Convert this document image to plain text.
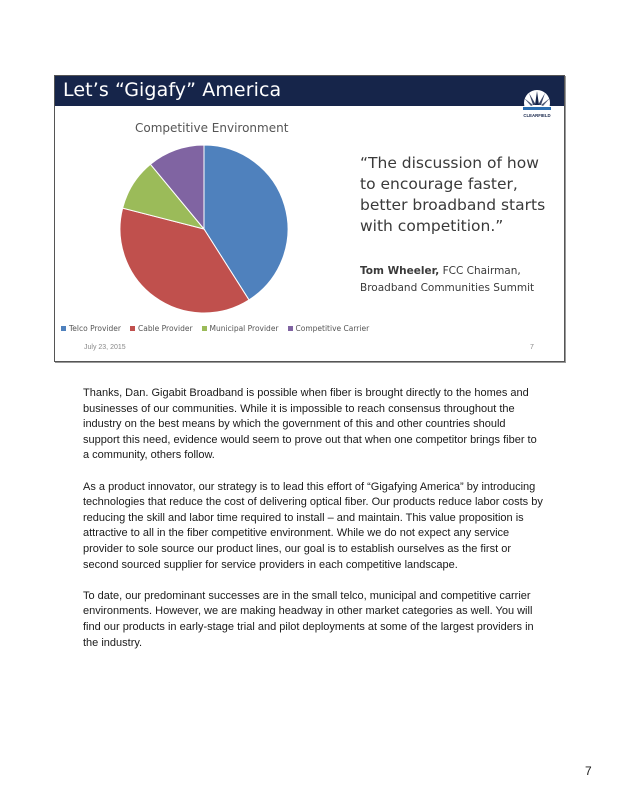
Let’s “Gigafy” America
CLEARFIELD
Competitive Environment
Telco Provider Cable Provider Municipal Provider Competitive Carrier
“The discussion of how to encourage faster, better broadband starts with competition.”
Tom Wheeler, FCC Chairman, Broadband Communities Summit
July 23, 2015	7

Thanks, Dan. Gigabit Broadband is possible when fiber is brought directly to the homes and businesses of our communities. While it is impossible to reach consensus throughout the industry on the best means by which the government of this and other countries should support this need, evidence would seem to prove out that when one competitor brings fiber to a community, others follow.

As a product innovator, our strategy is to lead this effort of “Gigafying America” by introducing technologies that reduce the cost of delivering optical fiber. Our products reduce labor costs by reducing the skill and labor time required to install – and maintain. This value proposition is attractive to all in the fiber competitive environment. While we do not expect any service provider to sole source our product lines, our goal is to establish ourselves as the first or second sourced supplier for service providers in each competitive landscape.

To date, our predominant successes are in the small telco, municipal and competitive carrier environments. However, we are making headway in other market categories as well. You will find our products in early-stage trial and pilot deployments at some of the largest providers in the industry.

7
